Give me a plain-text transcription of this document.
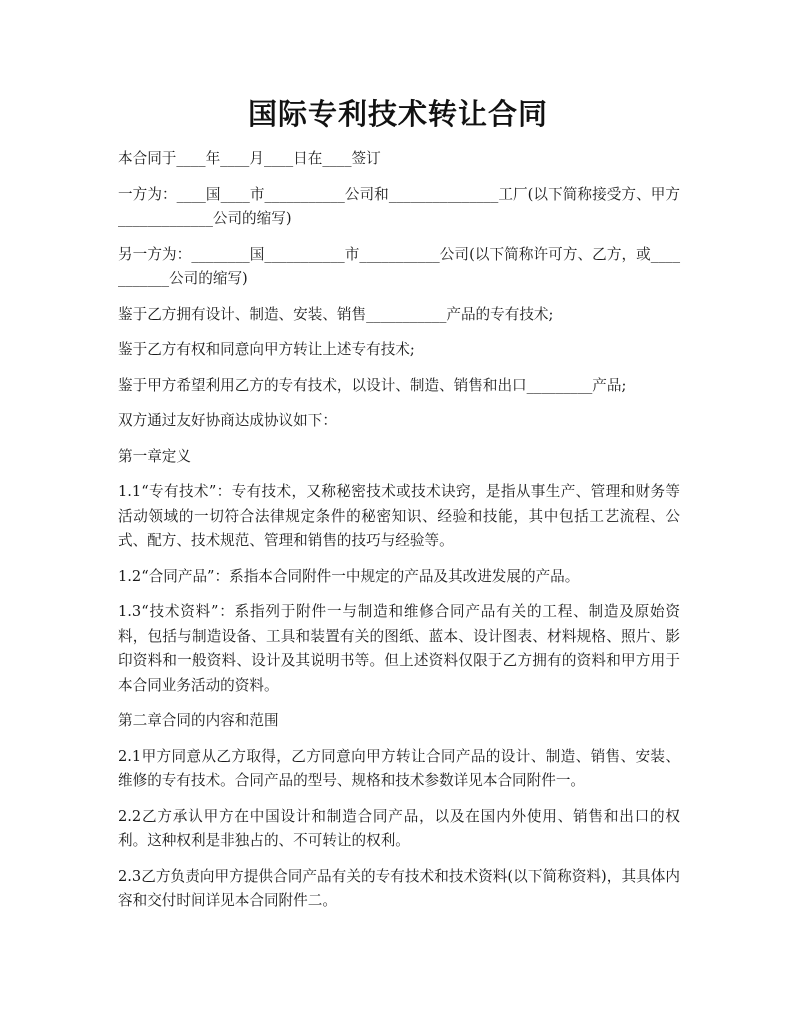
国际专利技术转让合同

本合同于____年____月____日在____签订

一方为：____国____市___________公司和_______________工厂(以下简称接受方、甲方_____________公司的缩写)

另一方为：________国___________市___________公司(以下简称许可方、乙方，或___________公司的缩写)

鉴于乙方拥有设计、制造、安装、销售___________产品的专有技术;

鉴于乙方有权和同意向甲方转让上述专有技术;

鉴于甲方希望利用乙方的专有技术，以设计、制造、销售和出口_________产品;

双方通过友好协商达成协议如下：

第一章定义

1.1“专有技术”：专有技术，又称秘密技术或技术诀窍，是指从事生产、管理和财务等活动领域的一切符合法律规定条件的秘密知识、经验和技能，其中包括工艺流程、公式、配方、技术规范、管理和销售的技巧与经验等。

1.2“合同产品”：系指本合同附件一中规定的产品及其改进发展的产品。

1.3“技术资料”：系指列于附件一与制造和维修合同产品有关的工程、制造及原始资料，包括与制造设备、工具和装置有关的图纸、蓝本、设计图表、材料规格、照片、影印资料和一般资料、设计及其说明书等。但上述资料仅限于乙方拥有的资料和甲方用于本合同业务活动的资料。

第二章合同的内容和范围

2.1甲方同意从乙方取得，乙方同意向甲方转让合同产品的设计、制造、销售、安装、维修的专有技术。合同产品的型号、规格和技术参数详见本合同附件一。

2.2乙方承认甲方在中国设计和制造合同产品，以及在国内外使用、销售和出口的权利。这种权利是非独占的、不可转让的权利。

2.3乙方负责向甲方提供合同产品有关的专有技术和技术资料(以下简称资料)，其具体内容和交付时间详见本合同附件二。
